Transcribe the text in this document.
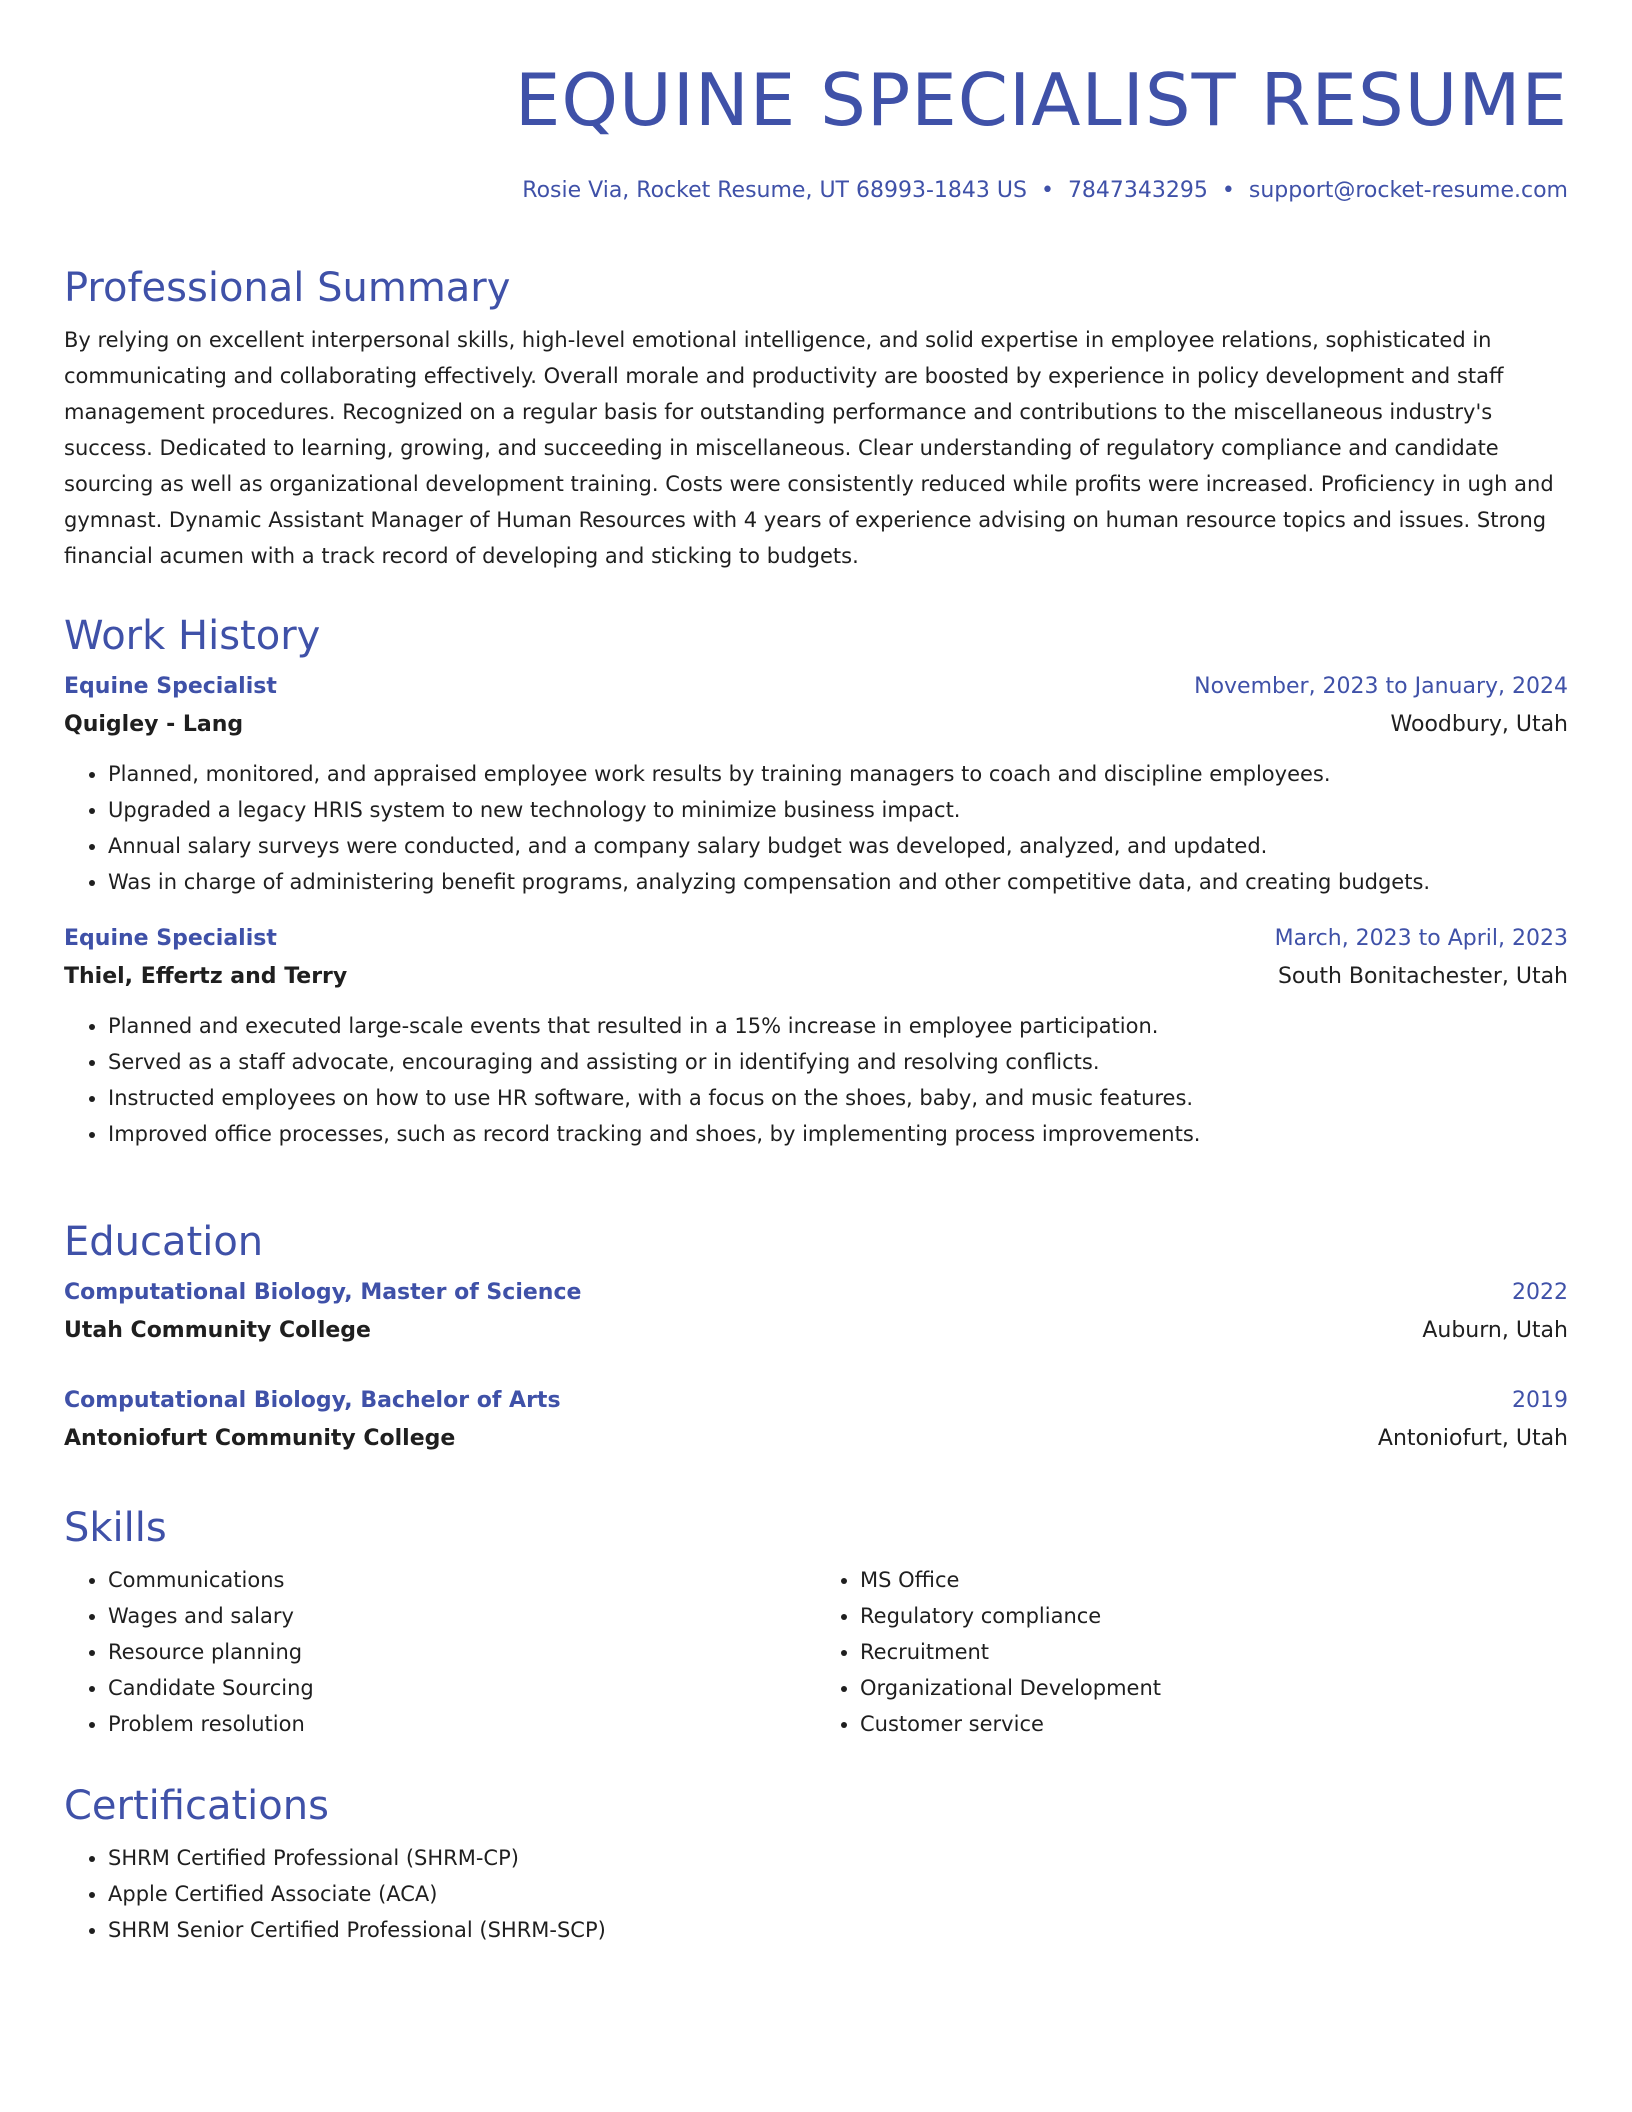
EQUINE SPECIALIST RESUME
Rosie Via, Rocket Resume, UT 68993-1843 US • 7847343295 • support@rocket-resume.com
Professional Summary

By relying on excellent interpersonal skills, high-level emotional intelligence, and solid expertise in employee relations, sophisticated in communicating and collaborating effectively. Overall morale and productivity are boosted by experience in policy development and staff management procedures. Recognized on a regular basis for outstanding performance and contributions to the miscellaneous industry's success. Dedicated to learning, growing, and succeeding in miscellaneous. Clear understanding of regulatory compliance and candidate sourcing as well as organizational development training. Costs were consistently reduced while profits were increased. Proficiency in ugh and gymnast. Dynamic Assistant Manager of Human Resources with 4 years of experience advising on human resource topics and issues. Strong financial acumen with a track record of developing and sticking to budgets.

Work History
Equine Specialist	November, 2023 to January, 2024
Quigley - Lang	Woodbury, Utah
• Planned, monitored, and appraised employee work results by training managers to coach and discipline employees.
• Upgraded a legacy HRIS system to new technology to minimize business impact.
• Annual salary surveys were conducted, and a company salary budget was developed, analyzed, and updated.
• Was in charge of administering benefit programs, analyzing compensation and other competitive data, and creating budgets.
Equine Specialist	March, 2023 to April, 2023
Thiel, Effertz and Terry	South Bonitachester, Utah
• Planned and executed large-scale events that resulted in a 15% increase in employee participation.
• Served as a staff advocate, encouraging and assisting or in identifying and resolving conflicts.
• Instructed employees on how to use HR software, with a focus on the shoes, baby, and music features.
• Improved office processes, such as record tracking and shoes, by implementing process improvements.
Education
Computational Biology, Master of Science	2022
Utah Community College	Auburn, Utah
Computational Biology, Bachelor of Arts	2019
Antoniofurt Community College	Antoniofurt, Utah
Skills
• Communications
• Wages and salary
• Resource planning
• Candidate Sourcing
• Problem resolution
• MS Office
• Regulatory compliance
• Recruitment
• Organizational Development
• Customer service
Certifications
• SHRM Certified Professional (SHRM-CP)
• Apple Certified Associate (ACA)
• SHRM Senior Certified Professional (SHRM-SCP)
